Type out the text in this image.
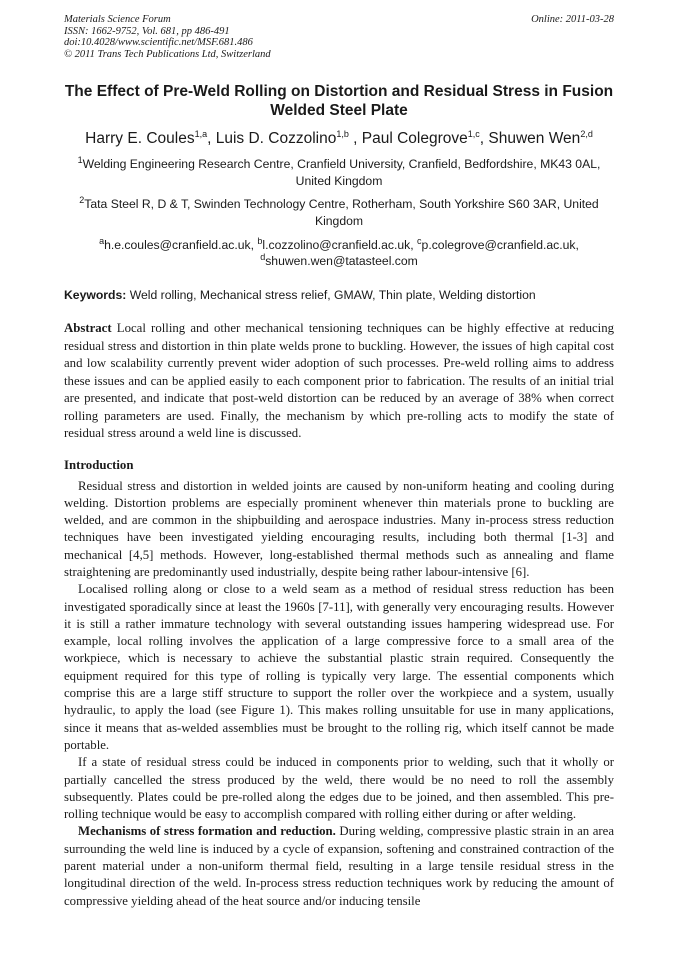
Materials Science Forum
ISSN: 1662-9752, Vol. 681, pp 486-491
doi:10.4028/www.scientific.net/MSF.681.486
© 2011 Trans Tech Publications Ltd, Switzerland
Online: 2011-03-28
The Effect of Pre-Weld Rolling on Distortion and Residual Stress in Fusion Welded Steel Plate
Harry E. Coules$^{1,a}$, Luis D. Cozzolino$^{1,b}$ , Paul Colegrove$^{1,c}$, Shuwen Wen$^{2,d}$
$^1$Welding Engineering Research Centre, Cranfield University, Cranfield, Bedfordshire, MK43 0AL, United Kingdom
$^2$Tata Steel R, D & T, Swinden Technology Centre, Rotherham, South Yorkshire S60 3AR, United Kingdom
$^a$h.e.coules@cranfield.ac.uk, $^b$l.cozzolino@cranfield.ac.uk, $^c$p.colegrove@cranfield.ac.uk,
$^d$shuwen.wen@tatasteel.com
Keywords: Weld rolling, Mechanical stress relief, GMAW, Thin plate, Welding distortion
Abstract Local rolling and other mechanical tensioning techniques can be highly effective at reducing residual stress and distortion in thin plate welds prone to buckling. However, the issues of high capital cost and low scalability currently prevent wider adoption of such processes. Pre-weld rolling aims to address these issues and can be applied easily to each component prior to fabrication. The results of an initial trial are presented, and indicate that post-weld distortion can be reduced by an average of 38% when correct rolling parameters are used. Finally, the mechanism by which pre-rolling acts to modify the state of residual stress around a weld line is discussed.
Introduction

Residual stress and distortion in welded joints are caused by non-uniform heating and cooling during welding. Distortion problems are especially prominent whenever thin materials prone to buckling are welded, and are common in the shipbuilding and aerospace industries. Many in-process stress reduction techniques have been investigated yielding encouraging results, including both thermal [1-3] and mechanical [4,5] methods. However, long-established thermal methods such as annealing and flame straightening are predominantly used industrially, despite being rather labour-intensive [6].

Localised rolling along or close to a weld seam as a method of residual stress reduction has been investigated sporadically since at least the 1960s [7-11], with generally very encouraging results. However it is still a rather immature technology with several outstanding issues hampering widespread use. For example, local rolling involves the application of a large compressive force to a small area of the workpiece, which is necessary to achieve the substantial plastic strain required. Consequently the equipment required for this type of rolling is typically very large. The essential components which comprise this are a large stiff structure to support the roller over the workpiece and a system, usually hydraulic, to apply the load (see Figure 1). This makes rolling unsuitable for use in many applications, since it means that as-welded assemblies must be brought to the rolling rig, which itself cannot be made portable.

If a state of residual stress could be induced in components prior to welding, such that it wholly or partially cancelled the stress produced by the weld, there would be no need to roll the assembly subsequently. Plates could be pre-rolled along the edges due to be joined, and then assembled. This pre-rolling technique would be easy to accomplish compared with rolling either during or after welding.

Mechanisms of stress formation and reduction. During welding, compressive plastic strain in an area surrounding the weld line is induced by a cycle of expansion, softening and constrained contraction of the parent material under a non-uniform thermal field, resulting in a large tensile residual stress in the longitudinal direction of the weld. In-process stress reduction techniques work by reducing the amount of compressive yielding ahead of the heat source and/or inducing tensile
